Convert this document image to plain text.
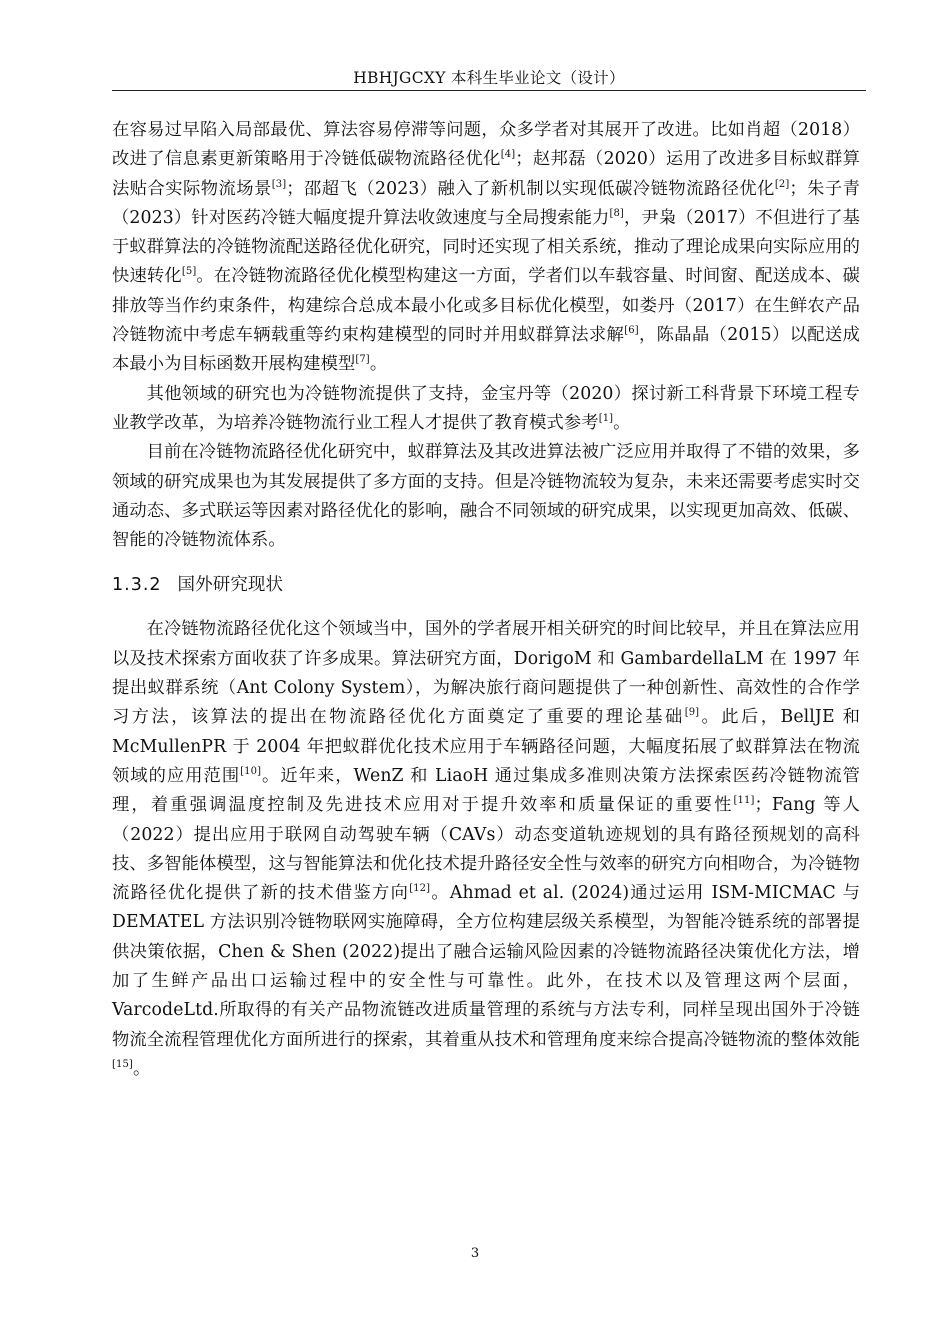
HBHJGCXY 本科生毕业论文（设计）

在容易过早陷入局部最优、算法容易停滞等问题，众多学者对其展开了改进。比如肖超（2018）改进了信息素更新策略用于冷链低碳物流路径优化[4]；赵邦磊（2020）运用了改进多目标蚁群算法贴合实际物流场景[3]；邵超飞（2023）融入了新机制以实现低碳冷链物流路径优化[2]；朱子青（2023）针对医药冷链大幅度提升算法收敛速度与全局搜索能力[8]，尹枭（2017）不但进行了基于蚁群算法的冷链物流配送路径优化研究，同时还实现了相关系统，推动了理论成果向实际应用的快速转化[5]。在冷链物流路径优化模型构建这一方面，学者们以车载容量、时间窗、配送成本、碳排放等当作约束条件，构建综合总成本最小化或多目标优化模型，如娄丹（2017）在生鲜农产品冷链物流中考虑车辆载重等约束构建模型的同时并用蚁群算法求解[6]，陈晶晶（2015）以配送成本最小为目标函数开展构建模型[7]。

其他领域的研究也为冷链物流提供了支持，金宝丹等（2020）探讨新工科背景下环境工程专业教学改革，为培养冷链物流行业工程人才提供了教育模式参考[1]。

目前在冷链物流路径优化研究中，蚁群算法及其改进算法被广泛应用并取得了不错的效果，多领域的研究成果也为其发展提供了多方面的支持。但是冷链物流较为复杂，未来还需要考虑实时交通动态、多式联运等因素对路径优化的影响，融合不同领域的研究成果，以实现更加高效、低碳、智能的冷链物流体系。

1.3.2 国外研究现状

在冷链物流路径优化这个领域当中，国外的学者展开相关研究的时间比较早，并且在算法应用以及技术探索方面收获了许多成果。算法研究方面，DorigoM 和 GambardellaLM 在 1997 年提出蚁群系统（Ant Colony System），为解决旅行商问题提供了一种创新性、高效性的合作学习方法，该算法的提出在物流路径优化方面奠定了重要的理论基础[9]。此后，BellJE 和 McMullenPR 于 2004 年把蚁群优化技术应用于车辆路径问题，大幅度拓展了蚁群算法在物流领域的应用范围[10]。近年来，WenZ 和 LiaoH 通过集成多准则决策方法探索医药冷链物流管理，着重强调温度控制及先进技术应用对于提升效率和质量保证的重要性[11]；Fang 等人（2022）提出应用于联网自动驾驶车辆（CAVs）动态变道轨迹规划的具有路径预规划的高科技、多智能体模型，这与智能算法和优化技术提升路径安全性与效率的研究方向相吻合，为冷链物流路径优化提供了新的技术借鉴方向[12]。Ahmad et al. (2024)通过运用 ISM-MICMAC 与 DEMATEL 方法识别冷链物联网实施障碍，全方位构建层级关系模型，为智能冷链系统的部署提供决策依据，Chen & Shen (2022)提出了融合运输风险因素的冷链物流路径决策优化方法，增加了生鲜产品出口运输过程中的安全性与可靠性。此外，在技术以及管理这两个层面，VarcodeLtd.所取得的有关产品物流链改进质量管理的系统与方法专利，同样呈现出国外于冷链物流全流程管理优化方面所进行的探索，其着重从技术和管理角度来综合提高冷链物流的整体效能[15]。

3
